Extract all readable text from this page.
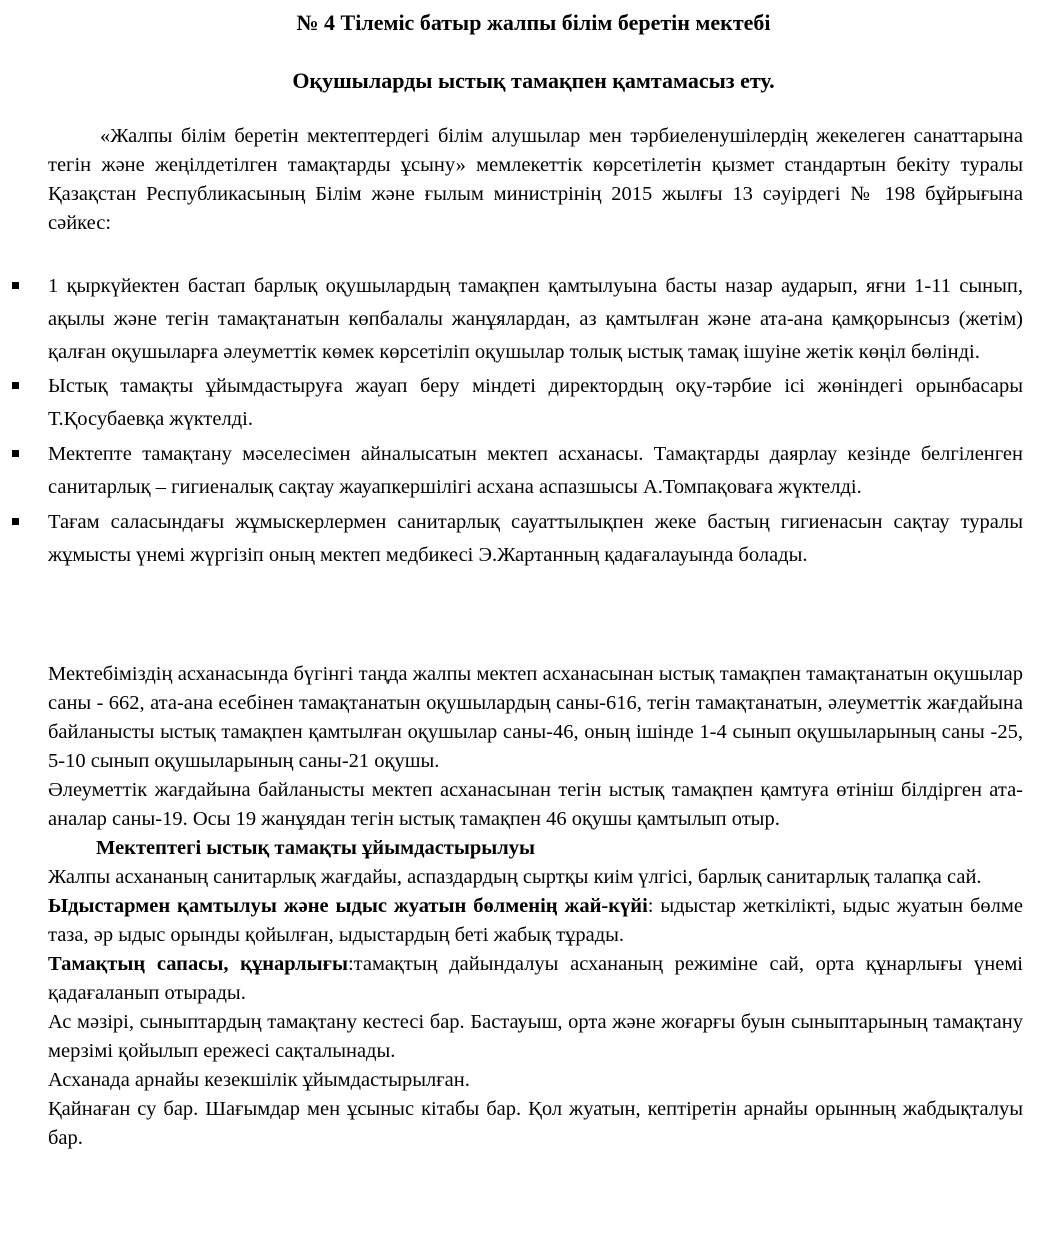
№ 4 Тілеміс батыр жалпы білім беретін мектебі
Оқушыларды ыстық тамақпен қамтамасыз ету.

«Жалпы білім беретін мектептердегі білім алушылар мен тәрбиеленушілердің жекелеген санаттарына тегін және жеңілдетілген тамақтарды ұсыну» мемлекеттік көрсетілетін қызмет стандартын бекіту туралы Қазақстан Республикасының Білім және ғылым министрінің 2015 жылғы 13 сәуірдегі № 198 бұйрығына сәйкес:

1 қыркүйектен бастап барлық оқушылардың тамақпен қамтылуына басты назар аударып, яғни 1-11 сынып, ақылы және тегін тамақтанатын көпбалалы жанұялардан, аз қамтылған және ата-ана қамқорынсыз (жетім) қалған оқушыларға әлеуметтік көмек көрсетіліп оқушылар толық ыстық тамақ ішуіне жетік көңіл бөлінді.
Ыстық тамақты ұйымдастыруға жауап беру міндеті директордың оқу-тәрбие ісі жөніндегі орынбасары Т.Қосубаевқа жүктелді.
Мектепте тамақтану мәселесімен айналысатын мектеп асханасы. Тамақтарды даярлау кезінде белгіленген санитарлық – гигиеналық сақтау жауапкершілігі асхана аспазшысы А.Томпақоваға жүктелді.
Тағам саласындағы жұмыскерлермен санитарлық сауаттылықпен жеке бастың гигиенасын сақтау туралы жұмысты үнемі жүргізіп оның мектеп медбикесі Э.Жартанның қадағалауында болады.

Мектебіміздің асханасында бүгінгі таңда жалпы мектеп асханасынан ыстық тамақпен тамақтанатын оқушылар саны - 662, ата-ана есебінен тамақтанатын оқушылардың саны-616, тегін тамақтанатын, әлеуметтік жағдайына байланысты ыстық тамақпен қамтылған оқушылар саны-46, оның ішінде 1-4 сынып оқушыларының саны -25, 5-10 сынып оқушыларының саны-21 оқушы.

Әлеуметтік жағдайына байланысты мектеп асханасынан тегін ыстық тамақпен қамтуға өтініш білдірген ата-аналар саны-19. Осы 19 жанұядан тегін ыстық тамақпен 46 оқушы қамтылып отыр.

Мектептегі ыстық тамақты ұйымдастырылуы

Жалпы асхананың санитарлық жағдайы, аспаздардың сыртқы киім үлгісі, барлық санитарлық талапқа сай.

Ыдыстармен қамтылуы және ыдыс жуатын бөлменің жай-күйі: ыдыстар жеткілікті, ыдыс жуатын бөлме таза, әр ыдыс орынды қойылған, ыдыстардың беті жабық тұрады.

Тамақтың сапасы, құнарлығы:тамақтың дайындалуы асхананың режиміне сай, орта құнарлығы үнемі қадағаланып отырады.

Ас мәзірі, сыныптардың тамақтану кестесі бар. Бастауыш, орта және жоғарғы буын сыныптарының тамақтану мерзімі қойылып ережесі сақталынады.

Асханада арнайы кезекшілік ұйымдастырылған.

Қайнаған су бар. Шағымдар мен ұсыныс кітабы бар. Қол жуатын, кептіретін арнайы орынның жабдықталуы бар.
